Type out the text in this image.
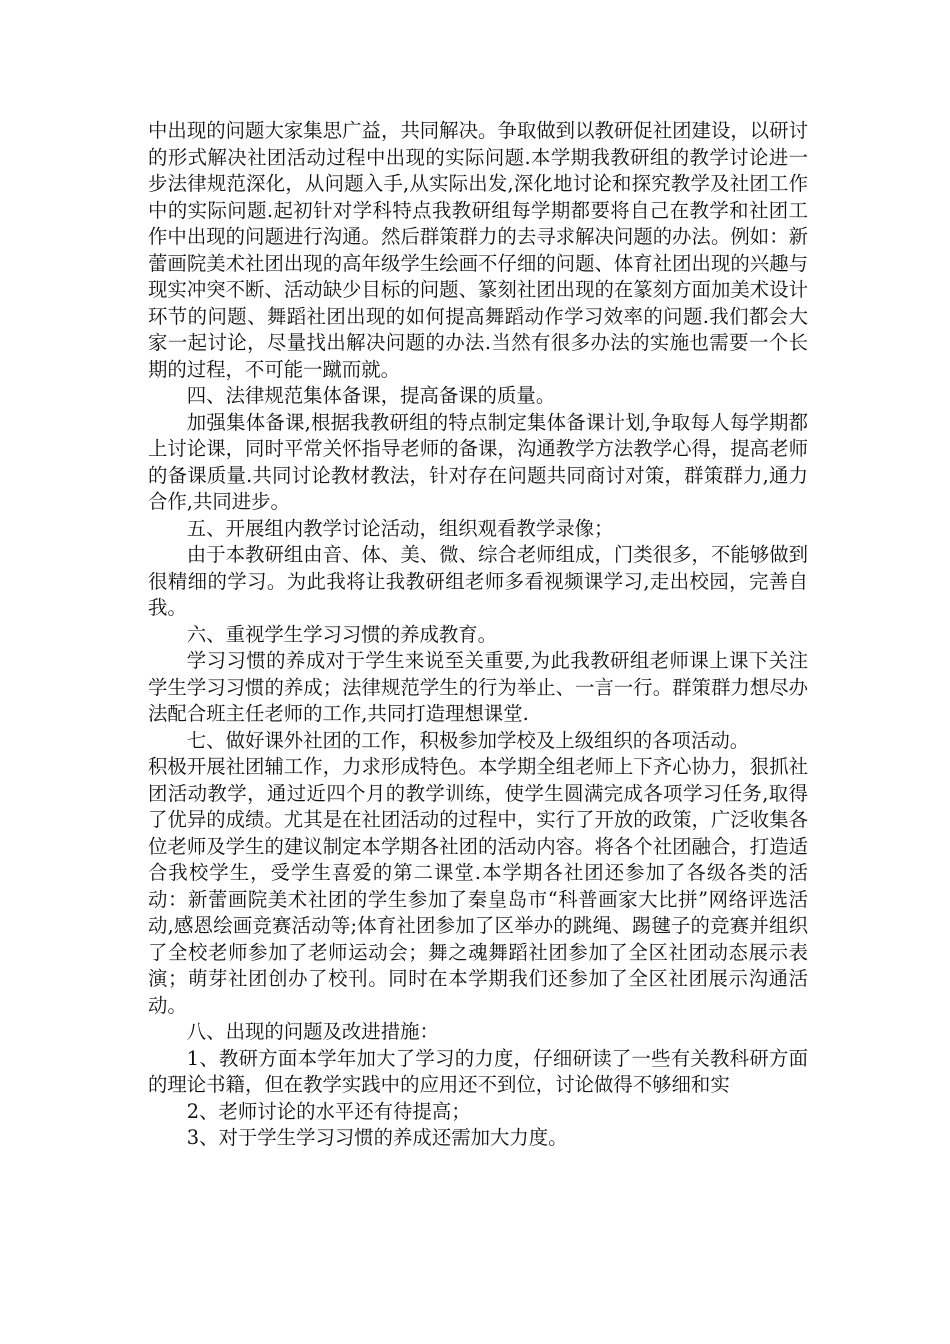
中出现的问题大家集思广益，共同解决。争取做到以教研促社团建设，以研讨的形式解决社团活动过程中出现的实际问题.本学期我教研组的教学讨论进一步法律规范深化，从问题入手,从实际出发,深化地讨论和探究教学及社团工作中的实际问题.起初针对学科特点我教研组每学期都要将自己在教学和社团工作中出现的问题进行沟通。然后群策群力的去寻求解决问题的办法。例如：新蕾画院美术社团出现的高年级学生绘画不仔细的问题、体育社团出现的兴趣与现实冲突不断、活动缺少目标的问题、篆刻社团出现的在篆刻方面加美术设计环节的问题、舞蹈社团出现的如何提高舞蹈动作学习效率的问题.我们都会大家一起讨论，尽量找出解决问题的办法.当然有很多办法的实施也需要一个长期的过程，不可能一蹴而就。

四、法律规范集体备课，提高备课的质量。

加强集体备课,根据我教研组的特点制定集体备课计划,争取每人每学期都上讨论课，同时平常关怀指导老师的备课，沟通教学方法教学心得，提高老师的备课质量.共同讨论教材教法，针对存在问题共同商讨对策，群策群力,通力合作,共同进步。

五、开展组内教学讨论活动，组织观看教学录像；

由于本教研组由音、体、美、微、综合老师组成，门类很多，不能够做到很精细的学习。为此我将让我教研组老师多看视频课学习,走出校园，完善自我。

六、重视学生学习习惯的养成教育。

学习习惯的养成对于学生来说至关重要,为此我教研组老师课上课下关注学生学习习惯的养成；法律规范学生的行为举止、一言一行。群策群力想尽办法配合班主任老师的工作,共同打造理想课堂.

七、做好课外社团的工作，积极参加学校及上级组织的各项活动。

积极开展社团辅工作，力求形成特色。本学期全组老师上下齐心协力，狠抓社团活动教学，通过近四个月的教学训练，使学生圆满完成各项学习任务,取得了优异的成绩。尤其是在社团活动的过程中，实行了开放的政策，广泛收集各位老师及学生的建议制定本学期各社团的活动内容。将各个社团融合，打造适合我校学生，受学生喜爱的第二课堂.本学期各社团还参加了各级各类的活动：新蕾画院美术社团的学生参加了秦皇岛市“科普画家大比拼”网络评选活动,感恩绘画竞赛活动等;体育社团参加了区举办的跳绳、踢毽子的竞赛并组织了全校老师参加了老师运动会；舞之魂舞蹈社团参加了全区社团动态展示表演；萌芽社团创办了校刊。同时在本学期我们还参加了全区社团展示沟通活动。

八、出现的问题及改进措施：

1、教研方面本学年加大了学习的力度，仔细研读了一些有关教科研方面的理论书籍，但在教学实践中的应用还不到位，讨论做得不够细和实

2、老师讨论的水平还有待提高；

3、对于学生学习习惯的养成还需加大力度。
